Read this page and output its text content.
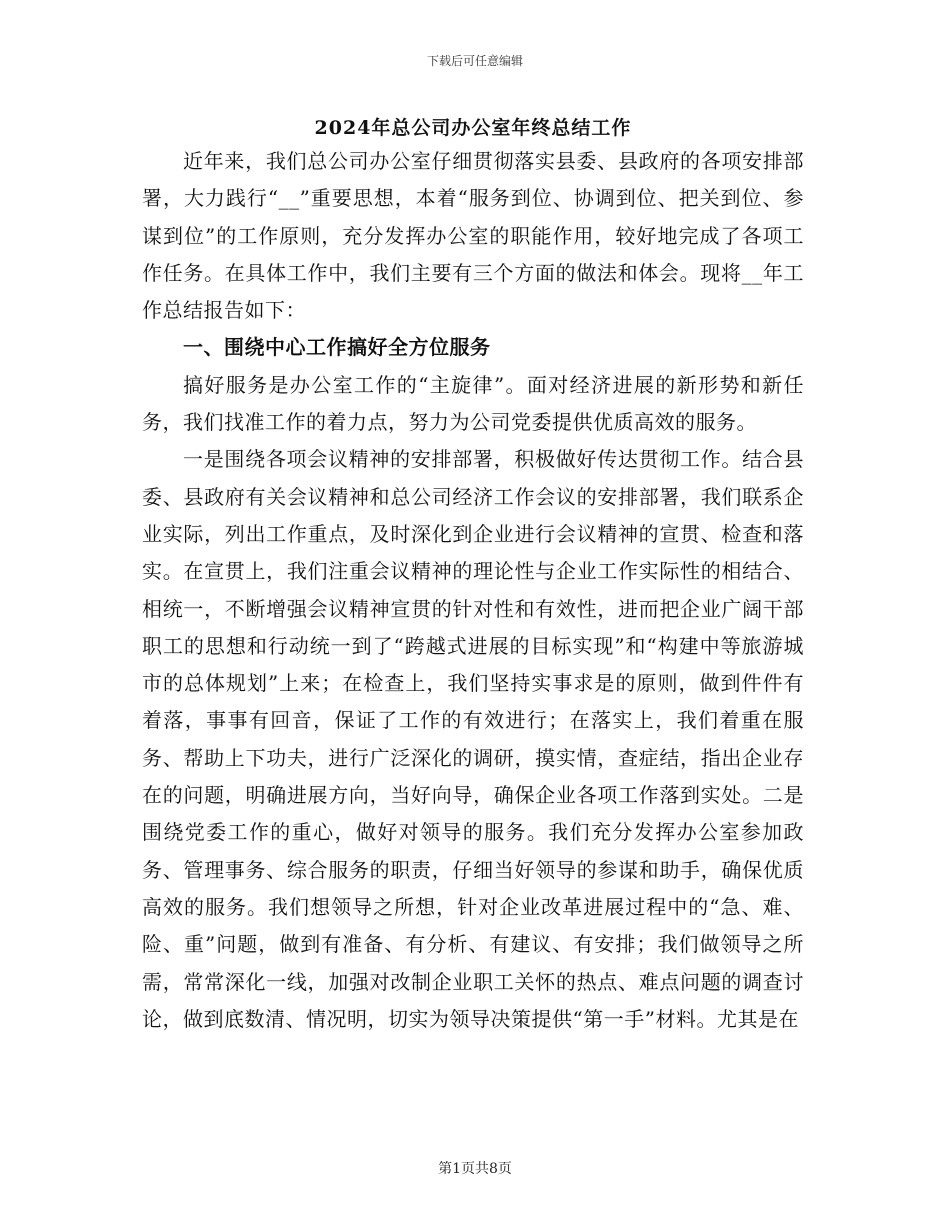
下载后可任意编辑
2024年总公司办公室年终总结工作

近年来，我们总公司办公室仔细贯彻落实县委、县政府的各项安排部署，大力践行“__”重要思想，本着“服务到位、协调到位、把关到位、参谋到位”的工作原则，充分发挥办公室的职能作用，较好地完成了各项工作任务。在具体工作中，我们主要有三个方面的做法和体会。现将__年工作总结报告如下：

一、围绕中心工作搞好全方位服务

搞好服务是办公室工作的“主旋律”。面对经济进展的新形势和新任务，我们找准工作的着力点，努力为公司党委提供优质高效的服务。

一是围绕各项会议精神的安排部署，积极做好传达贯彻工作。结合县委、县政府有关会议精神和总公司经济工作会议的安排部署，我们联系企业实际，列出工作重点，及时深化到企业进行会议精神的宣贯、检查和落实。在宣贯上，我们注重会议精神的理论性与企业工作实际性的相结合、相统一，不断增强会议精神宣贯的针对性和有效性，进而把企业广阔干部职工的思想和行动统一到了“跨越式进展的目标实现”和“构建中等旅游城市的总体规划”上来；在检查上，我们坚持实事求是的原则，做到件件有着落，事事有回音，保证了工作的有效进行；在落实上，我们着重在服务、帮助上下功夫，进行广泛深化的调研，摸实情，查症结，指出企业存在的问题，明确进展方向，当好向导，确保企业各项工作落到实处。二是围绕党委工作的重心，做好对领导的服务。我们充分发挥办公室参加政务、管理事务、综合服务的职责，仔细当好领导的参谋和助手，确保优质高效的服务。我们想领导之所想，针对企业改革进展过程中的“急、难、险、重”问题，做到有准备、有分析、有建议、有安排；我们做领导之所需，常常深化一线，加强对改制企业职工关怀的热点、难点问题的调查讨论，做到底数清、情况明，切实为领导决策提供“第一手”材料。尤其是在

第1页共8页
